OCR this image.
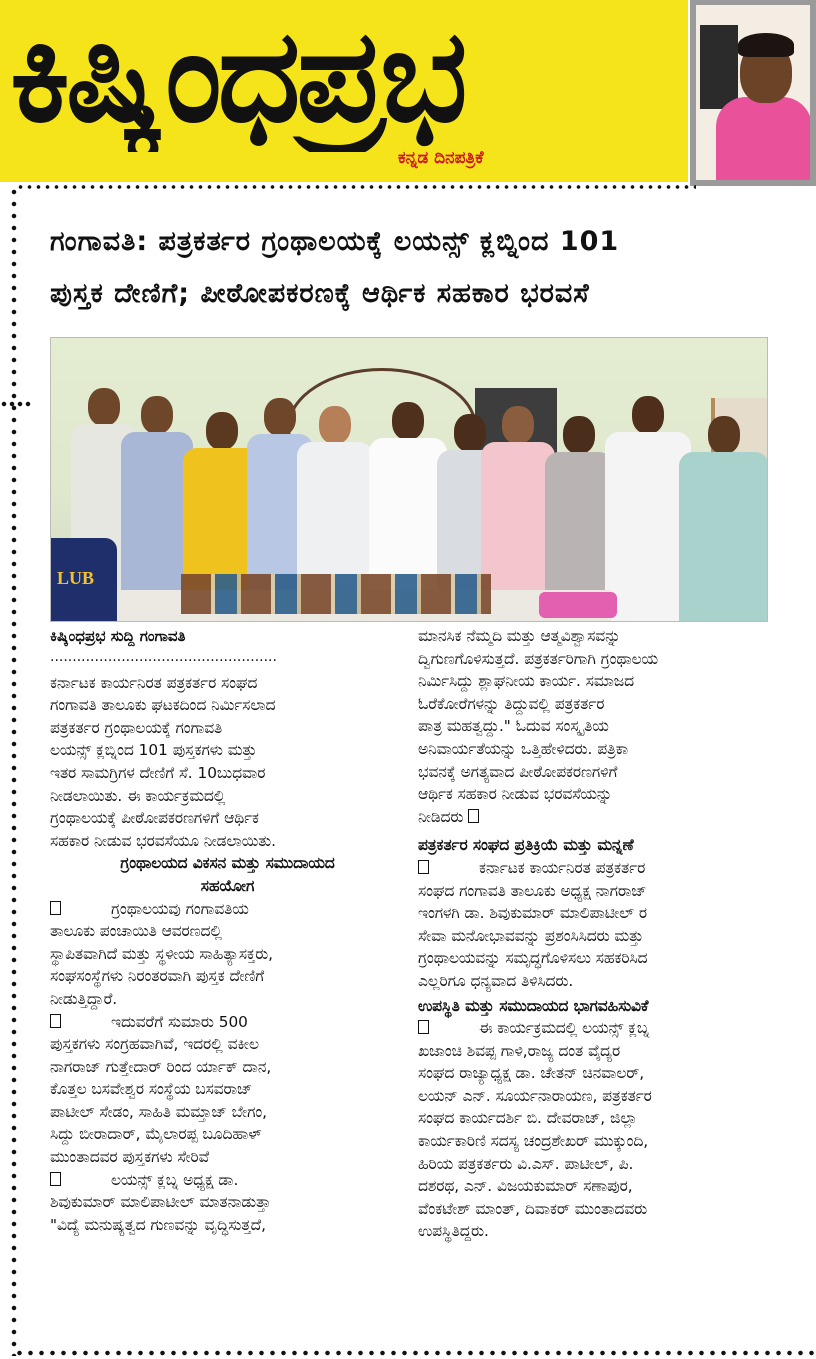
ಕಿಷ್ಕಿಂಧಪ್ರಭ
ಕನ್ನಡ ದಿನಪತ್ರಿಕೆ
ಗಂಗಾವತಿ: ಪತ್ರಕರ್ತರ ಗ್ರಂಥಾಲಯಕ್ಕೆ ಲಯನ್ಸ್ ಕ್ಲಬ್ನಿಂದ 101
ಪುಸ್ತಕ ದೇಣಿಗೆ; ಪೀಠೋಪಕರಣಕ್ಕೆ ಆರ್ಥಿಕ ಸಹಕಾರ ಭರವಸೆ
LUB

ಕಿಷ್ಕಿಂಧಪ್ರಭ ಸುದ್ದಿ ಗಂಗಾವತಿ

...................................................

ಕರ್ನಾಟಕ ಕಾರ್ಯನಿರತ ಪತ್ರಕರ್ತರ ಸಂಘದ
ಗಂಗಾವತಿ ತಾಲೂಕು ಘಟಕದಿಂದ ನಿರ್ಮಿಸಲಾದ
ಪತ್ರಕರ್ತರ ಗ್ರಂಥಾಲಯಕ್ಕೆ ಗಂಗಾವತಿ
ಲಯನ್ಸ್ ಕ್ಲಬ್ನಿಂದ 101 ಪುಸ್ತಕಗಳು ಮತ್ತು
ಇತರ ಸಾಮಗ್ರಿಗಳ ದೇಣಿಗೆ ಸೆ. 10ಬುಧವಾರ
ನೀಡಲಾಯಿತು. ಈ ಕಾರ್ಯಕ್ರಮದಲ್ಲಿ
ಗ್ರಂಥಾಲಯಕ್ಕೆ ಪೀಠೋಪಕರಣಗಳಿಗೆ ಆರ್ಥಿಕ
ಸಹಕಾರ ನೀಡುವ ಭರವಸೆಯೂ ನೀಡಲಾಯಿತು.

ಗ್ರಂಥಾಲಯದ ವಿಕಸನ ಮತ್ತು ಸಮುದಾಯದ
ಸಹಯೋಗ

ಗ್ರಂಥಾಲಯವು ಗಂಗಾವತಿಯ
ತಾಲೂಕು ಪಂಚಾಯಿತಿ ಆವರಣದಲ್ಲಿ
ಸ್ಥಾಪಿತವಾಗಿದೆ ಮತ್ತು ಸ್ಥಳೀಯ ಸಾಹಿತ್ಯಾಸಕ್ತರು,
ಸಂಘಸಂಸ್ಥೆಗಳು ನಿರಂತರವಾಗಿ ಪುಸ್ತಕ ದೇಣಿಗೆ
ನೀಡುತ್ತಿದ್ದಾರೆ.
ಇದುವರೆಗೆ ಸುಮಾರು 500
ಪುಸ್ತಕಗಳು ಸಂಗ್ರಹವಾಗಿವೆ, ಇದರಲ್ಲಿ ವಕೀಲ
ನಾಗರಾಜ್ ಗುತ್ತೇದಾರ್ ರಿಂದ ರ್ಯಾಕ್ ದಾನ,
ಕೊತ್ತಲ ಬಸವೇಶ್ವರ ಸಂಸ್ಥೆಯ ಬಸವರಾಜ್
ಪಾಟೀಲ್ ಸೇಡಂ, ಸಾಹಿತಿ ಮಮ್ತಾಜ್ ಬೇಗಂ,
ಸಿದ್ದು ಬೀರಾದಾರ್, ಮೈಲಾರಪ್ಪ ಬೂದಿಹಾಳ್
ಮುಂತಾದವರ ಪುಸ್ತಕಗಳು ಸೇರಿವೆ
ಲಯನ್ಸ್ ಕ್ಲಬ್ನ ಅಧ್ಯಕ್ಷ ಡಾ.
ಶಿವುಕುಮಾರ್ ಮಾಲಿಪಾಟೀಲ್ ಮಾತನಾಡುತ್ತಾ
"ವಿದ್ಯೆ ಮನುಷ್ಯತ್ವದ ಗುಣವನ್ನು ವೃದ್ಧಿಸುತ್ತದೆ,
ಮಾನಸಿಕ ನೆಮ್ಮದಿ ಮತ್ತು ಆತ್ಮವಿಶ್ವಾಸವನ್ನು
ದ್ವಿಗುಣಗೊಳಿಸುತ್ತದೆ. ಪತ್ರಕರ್ತರಿಗಾಗಿ ಗ್ರಂಥಾಲಯ
ನಿರ್ಮಿಸಿದ್ದು ಶ್ಲಾಘನೀಯ ಕಾರ್ಯ. ಸಮಾಜದ
ಓರೆಕೋರೆಗಳನ್ನು ತಿದ್ದುವಲ್ಲಿ ಪತ್ರಕರ್ತರ
ಪಾತ್ರ ಮಹತ್ವದ್ದು." ಓದುವ ಸಂಸ್ಕೃತಿಯ
ಅನಿವಾರ್ಯತೆಯನ್ನು ಒತ್ತಿಹೇಳಿದರು. ಪತ್ರಿಕಾ
ಭವನಕ್ಕೆ ಅಗತ್ಯವಾದ ಪೀಠೋಪಕರಣಗಳಿಗೆ
ಆರ್ಥಿಕ ಸಹಕಾರ ನೀಡುವ ಭರವಸೆಯನ್ನು
ನೀಡಿದರು

ಪತ್ರಕರ್ತರ ಸಂಘದ ಪ್ರತಿಕ್ರಿಯೆ ಮತ್ತು ಮನ್ನಣೆ

ಕರ್ನಾಟಕ ಕಾರ್ಯನಿರತ ಪತ್ರಕರ್ತರ
ಸಂಘದ ಗಂಗಾವತಿ ತಾಲೂಕು ಅಧ್ಯಕ್ಷ ನಾಗರಾಜ್
ಇಂಗಳಗಿ ಡಾ. ಶಿವುಕುಮಾರ್ ಮಾಲಿಪಾಟೀಲ್ ರ
ಸೇವಾ ಮನೋಭಾವವನ್ನು ಪ್ರಶಂಸಿಸಿದರು ಮತ್ತು
ಗ್ರಂಥಾಲಯವನ್ನು ಸಮೃದ್ಧಗೊಳಿಸಲು ಸಹಕರಿಸಿದ
ಎಲ್ಲರಿಗೂ ಧನ್ಯವಾದ ತಿಳಿಸಿದರು.

ಉಪಸ್ಥಿತಿ ಮತ್ತು ಸಮುದಾಯದ ಭಾಗವಹಿಸುವಿಕೆ

ಈ ಕಾರ್ಯಕ್ರಮದಲ್ಲಿ ಲಯನ್ಸ್ ಕ್ಲಬ್ನ
ಖಜಾಂಚಿ ಶಿವಪ್ಪ ಗಾಳಿ,ರಾಜ್ಯ ದಂತ ವೈದ್ಯರ
ಸಂಘದ ರಾಜ್ಯಾಧ್ಯಕ್ಷ ಡಾ. ಚೇತನ್ ಚಿನವಾಲರ್,
ಲಯನ್ ಎನ್. ಸೂರ್ಯನಾರಾಯಣ, ಪತ್ರಕರ್ತರ
ಸಂಘದ ಕಾರ್ಯದರ್ಶಿ ಬಿ. ದೇವರಾಜ್, ಜಿಲ್ಲಾ
ಕಾರ್ಯಕಾರಿಣಿ ಸದಸ್ಯ ಚಂದ್ರಶೇಖರ್ ಮುಕ್ಕುಂದಿ,
ಹಿರಿಯ ಪತ್ರಕರ್ತರು ವಿ.ಎಸ್. ಪಾಟೀಲ್, ಪಿ.
ದಶರಥ, ಎನ್. ವಿಜಯಕುಮಾರ್ ಸಣಾಪುರ,
ವೆಂಕಟೇಶ್ ಮಾಂತ್, ದಿವಾಕರ್ ಮುಂತಾದವರು
ಉಪಸ್ಥಿತಿದ್ದರು.
